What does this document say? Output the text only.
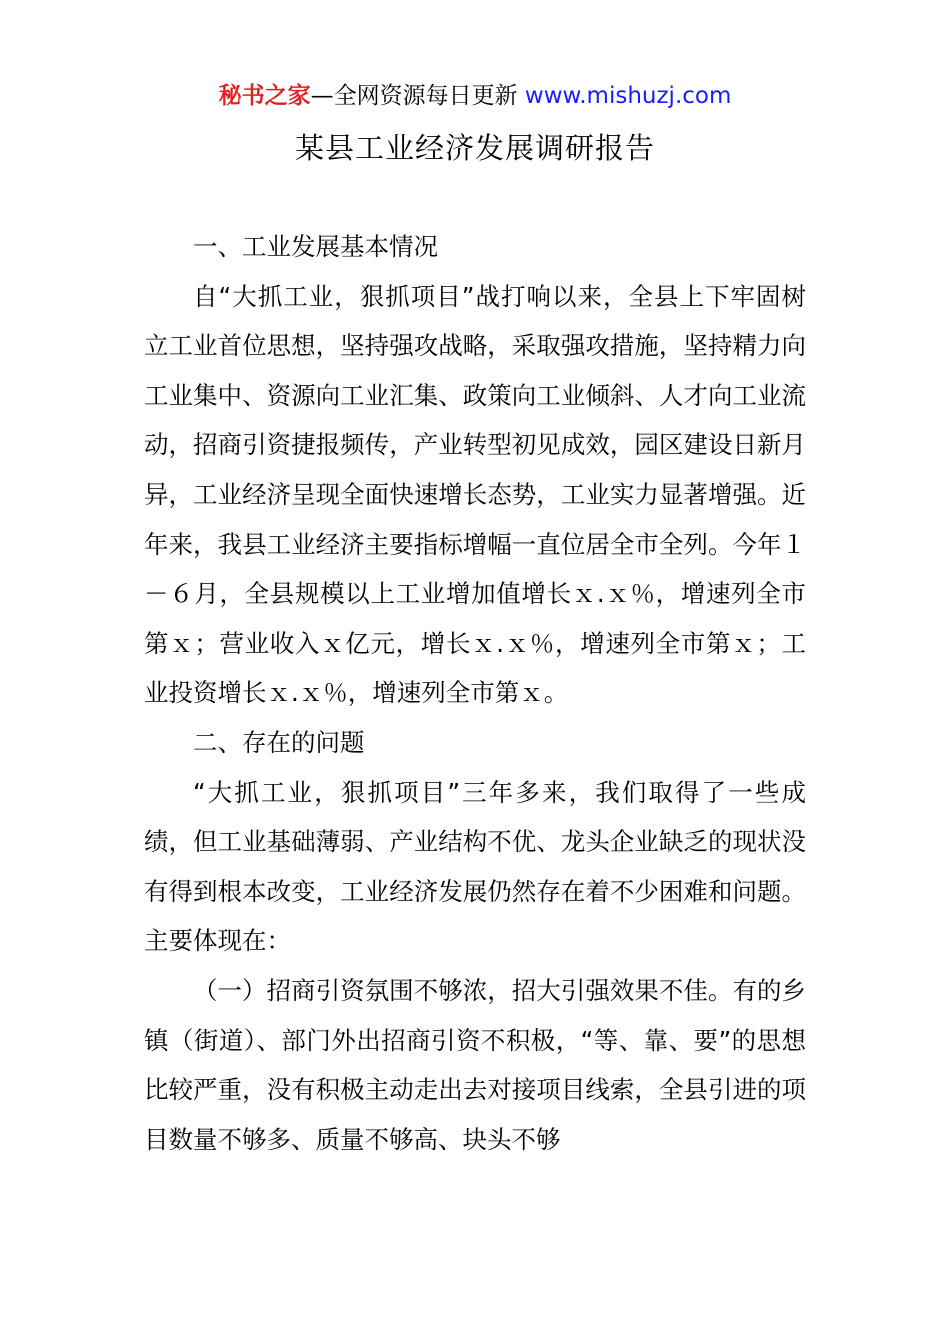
秘书之家—全网资源每日更新 www.mishuzj.com
某县工业经济发展调研报告

一、工业发展基本情况

自“大抓工业，狠抓项目”战打响以来，全县上下牢固树立工业首位思想，坚持强攻战略，采取强攻措施，坚持精力向工业集中、资源向工业汇集、政策向工业倾斜、人才向工业流动，招商引资捷报频传，产业转型初见成效，园区建设日新月异，工业经济呈现全面快速增长态势，工业实力显著增强。近年来，我县工业经济主要指标增幅一直位居全市全列。今年１－６月，全县规模以上工业增加值增长ｘ.ｘ％，增速列全市第ｘ；营业收入ｘ亿元，增长ｘ.ｘ％，增速列全市第ｘ；工业投资增长ｘ.ｘ％，增速列全市第ｘ。

二、存在的问题

“大抓工业，狠抓项目”三年多来，我们取得了一些成绩，但工业基础薄弱、产业结构不优、龙头企业缺乏的现状没有得到根本改变，工业经济发展仍然存在着不少困难和问题。主要体现在：

（一）招商引资氛围不够浓，招大引强效果不佳。有的乡镇（街道）、部门外出招商引资不积极，“等、靠、要”的思想比较严重，没有积极主动走出去对接项目线索，全县引进的项目数量不够多、质量不够高、块头不够
